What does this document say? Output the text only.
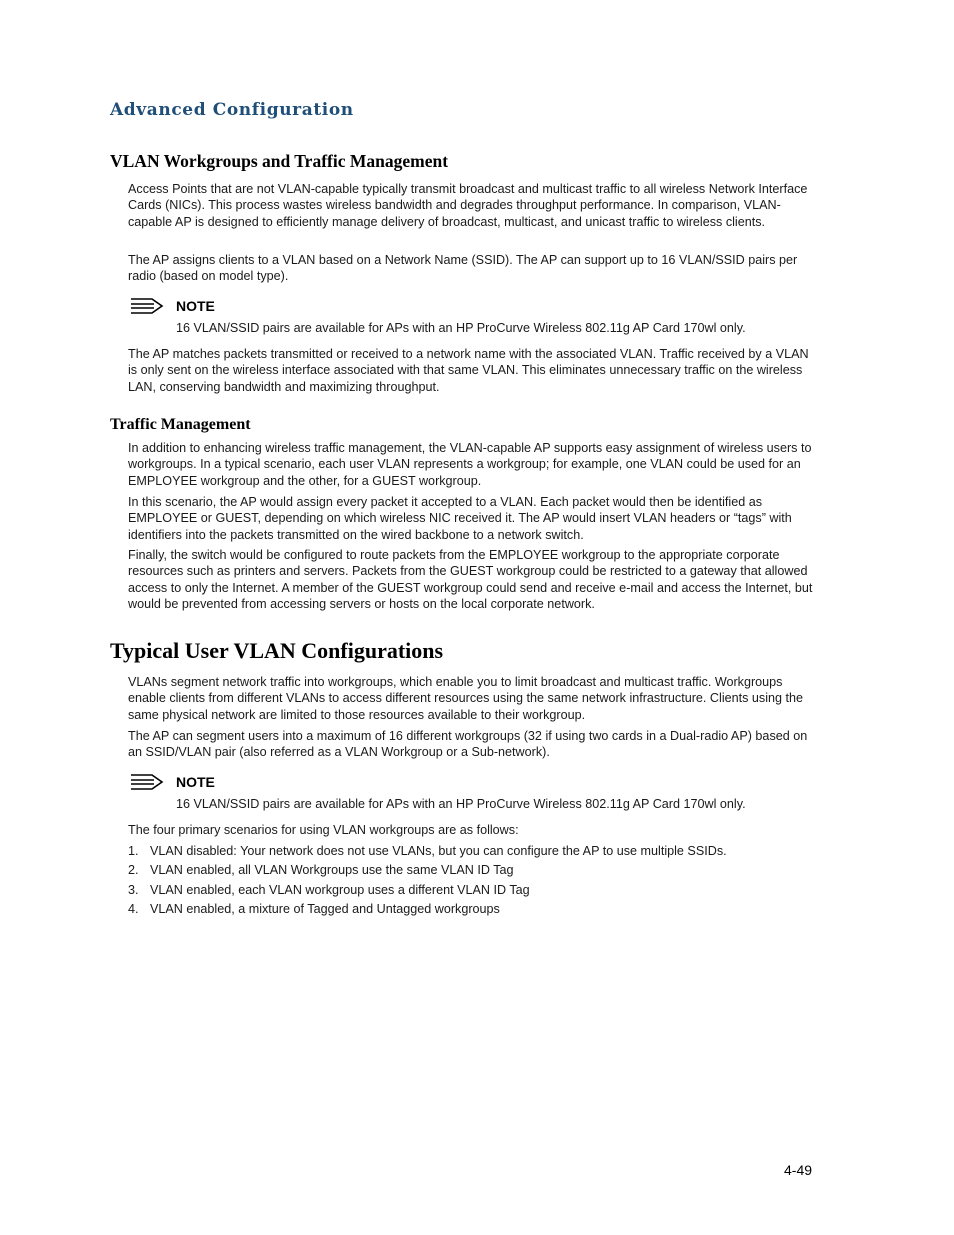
Advanced Configuration
VLAN Workgroups and Traffic Management

Access Points that are not VLAN-capable typically transmit broadcast and multicast traffic to all wireless Network Interface Cards (NICs). This process wastes wireless bandwidth and degrades throughput performance. In comparison, VLAN-capable AP is designed to efficiently manage delivery of broadcast, multicast, and unicast traffic to wireless clients.

The AP assigns clients to a VLAN based on a Network Name (SSID). The AP can support up to 16 VLAN/SSID pairs per radio (based on model type).

NOTE
16 VLAN/SSID pairs are available for APs with an HP ProCurve Wireless 802.11g AP Card 170wl only.

The AP matches packets transmitted or received to a network name with the associated VLAN. Traffic received by a VLAN is only sent on the wireless interface associated with that same VLAN. This eliminates unnecessary traffic on the wireless LAN, conserving bandwidth and maximizing throughput.

Traffic Management

In addition to enhancing wireless traffic management, the VLAN-capable AP supports easy assignment of wireless users to workgroups. In a typical scenario, each user VLAN represents a workgroup; for example, one VLAN could be used for an EMPLOYEE workgroup and the other, for a GUEST workgroup.

In this scenario, the AP would assign every packet it accepted to a VLAN. Each packet would then be identified as EMPLOYEE or GUEST, depending on which wireless NIC received it. The AP would insert VLAN headers or “tags” with identifiers into the packets transmitted on the wired backbone to a network switch.

Finally, the switch would be configured to route packets from the EMPLOYEE workgroup to the appropriate corporate resources such as printers and servers. Packets from the GUEST workgroup could be restricted to a gateway that allowed access to only the Internet. A member of the GUEST workgroup could send and receive e-mail and access the Internet, but would be prevented from accessing servers or hosts on the local corporate network.

Typical User VLAN Configurations

VLANs segment network traffic into workgroups, which enable you to limit broadcast and multicast traffic. Workgroups enable clients from different VLANs to access different resources using the same network infrastructure. Clients using the same physical network are limited to those resources available to their workgroup.

The AP can segment users into a maximum of 16 different workgroups (32 if using two cards in a Dual-radio AP) based on an SSID/VLAN pair (also referred as a VLAN Workgroup or a Sub-network).

NOTE
16 VLAN/SSID pairs are available for APs with an HP ProCurve Wireless 802.11g AP Card 170wl only.
The four primary scenarios for using VLAN workgroups are as follows:
1. VLAN disabled: Your network does not use VLANs, but you can configure the AP to use multiple SSIDs.
2. VLAN enabled, all VLAN Workgroups use the same VLAN ID Tag
3. VLAN enabled, each VLAN workgroup uses a different VLAN ID Tag
4. VLAN enabled, a mixture of Tagged and Untagged workgroups
4-49
